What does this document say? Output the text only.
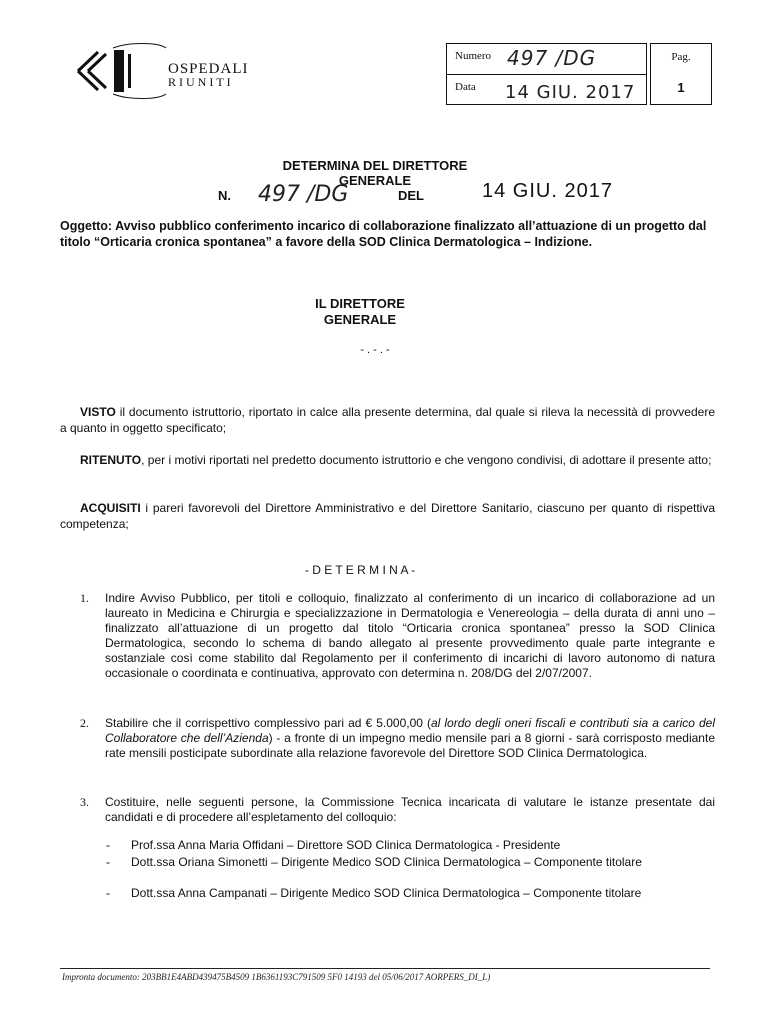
OSPEDALI
RIUNITI
Numero 497 /DG
Data 14 GIU. 2017
Pag.
1
DETERMINA DEL DIRETTORE
GENERALE
N. 497 /DG	DEL	14 GIU. 2017
Oggetto: Avviso pubblico conferimento incarico di collaborazione finalizzato all’attuazione di un progetto dal titolo “Orticaria cronica spontanea” a favore della SOD Clinica Dermatologica – Indizione.
IL DIRETTORE
GENERALE
- . - . -
VISTO il documento istruttorio, riportato in calce alla presente determina, dal quale si rileva la necessità di provvedere a quanto in oggetto specificato;
RITENUTO, per i motivi riportati nel predetto documento istruttorio e che vengono condivisi, di adottare il presente atto;
ACQUISITI i pareri favorevoli del Direttore Amministrativo e del Direttore Sanitario, ciascuno per quanto di rispettiva competenza;
- D E T E R M I N A -
1. Indire Avviso Pubblico, per titoli e colloquio, finalizzato al conferimento di un incarico di collaborazione ad un laureato in Medicina e Chirurgia e specializzazione in Dermatologia e Venereologia – della durata di anni uno – finalizzato all’attuazione di un progetto dal titolo “Orticaria cronica spontanea” presso la SOD Clinica Dermatologica, secondo lo schema di bando allegato al presente provvedimento quale parte integrante e sostanziale così come stabilito dal Regolamento per il conferimento di incarichi di lavoro autonomo di natura occasionale o coordinata e continuativa, approvato con determina n. 208/DG del 2/07/2007.
2. Stabilire che il corrispettivo complessivo pari ad € 5.000,00 (al lordo degli oneri fiscali e contributi sia a carico del Collaboratore che dell’Azienda) - a fronte di un impegno medio mensile pari a 8 giorni - sarà corrisposto mediante rate mensili posticipate subordinate alla relazione favorevole del Direttore SOD Clinica Dermatologica.
3. Costituire, nelle seguenti persone, la Commissione Tecnica incaricata di valutare le istanze presentate dai candidati e di procedere all’espletamento del colloquio:
- Prof.ssa Anna Maria Offidani – Direttore SOD Clinica Dermatologica - Presidente
- Dott.ssa Oriana Simonetti – Dirigente Medico SOD Clinica Dermatologica – Componente titolare
- Dott.ssa Anna Campanati – Dirigente Medico SOD Clinica Dermatologica – Componente titolare
Impronta documento: 203BB1E4ABD439475B4509 1B6361193C791509 5F0 14193 del 05/06/2017 AORPERS_DI_L)
